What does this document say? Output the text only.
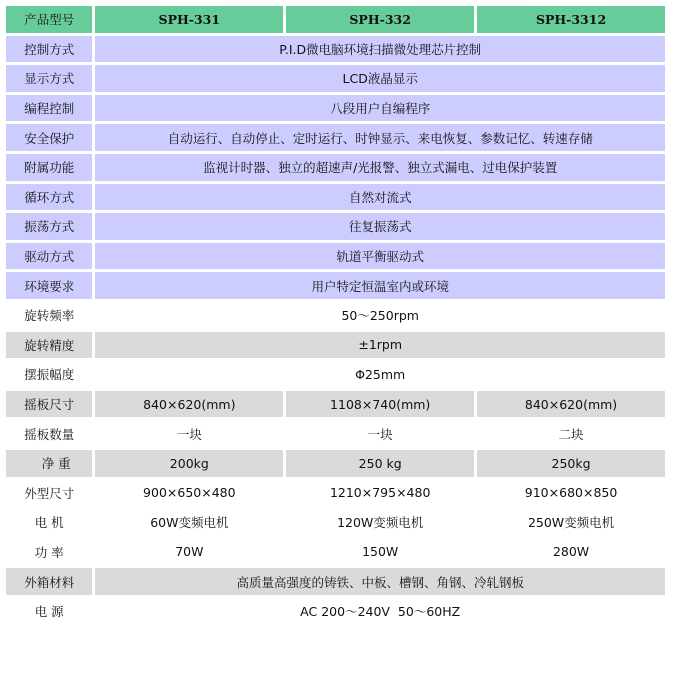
产品型号	SPH-331	SPH-332	SPH-3312
控制方式	P.I.D微电脑环境扫描微处理芯片控制		
显示方式	LCD液晶显示		
编程控制	八段用户自编程序		
安全保护	自动运行、自动停止、定时运行、时钟显示、来电恢复、参数记忆、转速存储		
附属功能	监视计时器、独立的超速声/光报警、独立式漏电、过电保护装置		
循环方式	自然对流式		
振荡方式	往复振荡式		
驱动方式	轨道平衡驱动式		
环境要求	用户特定恒温室内或环境		
旋转频率	50～250rpm		
旋转精度	±1rpm		
摆振幅度	Φ25mm		
摇板尺寸	840×620(mm)	1108×740(mm)	840×620(mm)
摇板数量	一块	一块	二块
净 重	200kg	250 kg	250kg
外型尺寸	900×650×480	1210×795×480	910×680×850
电 机	60W变频电机	120W变频电机	250W变频电机
功 率	70W	150W	280W
外箱材料	高质量高强度的铸铁、中板、槽钢、角钢、冷轧钢板		
电 源	AC 200～240V  50～60HZ		
